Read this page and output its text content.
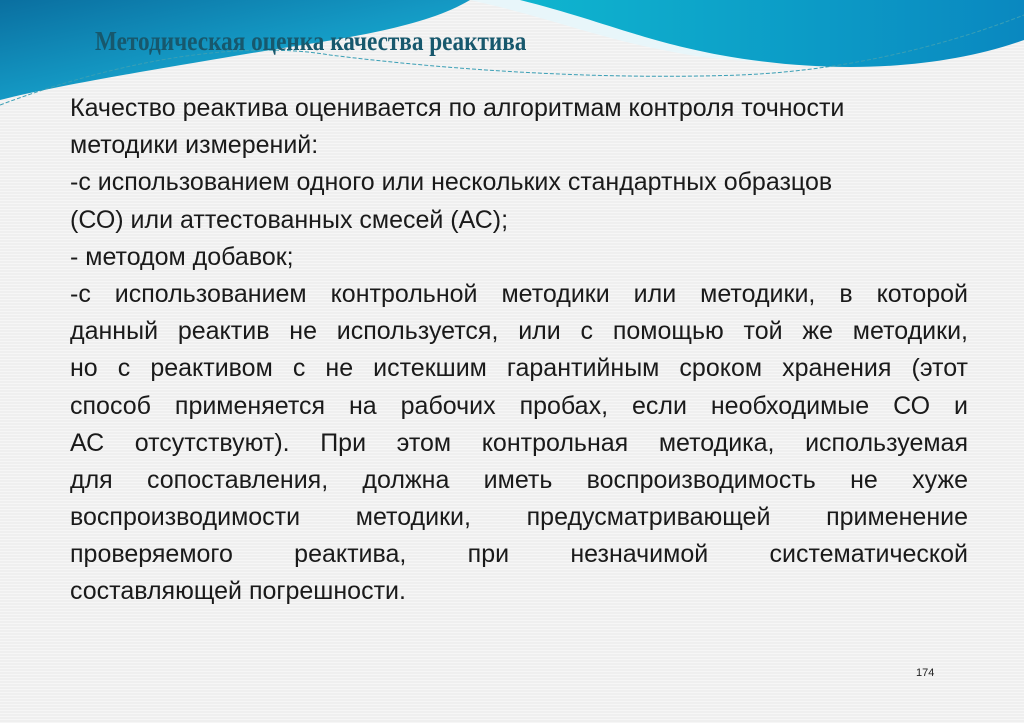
Методическая оценка качества реактива
Качество реактива оценивается по алгоритмам контроля точности
методики измерений:
-с использованием одного или нескольких стандартных образцов
(СО) или аттестованных смесей (АС);
- методом добавок;
-с использованием контрольной методики или методики, в которой
данный реактив не используется, или с помощью той же методики,
но с реактивом с не истекшим гарантийным сроком хранения (этот
способ применяется на рабочих пробах, если необходимые СО и
АС отсутствуют). При этом контрольная методика, используемая
для сопоставления, должна иметь воспроизводимость не хуже
воспроизводимости методики, предусматривающей применение
проверяемого реактива, при незначимой систематической
составляющей погрешности.
174
